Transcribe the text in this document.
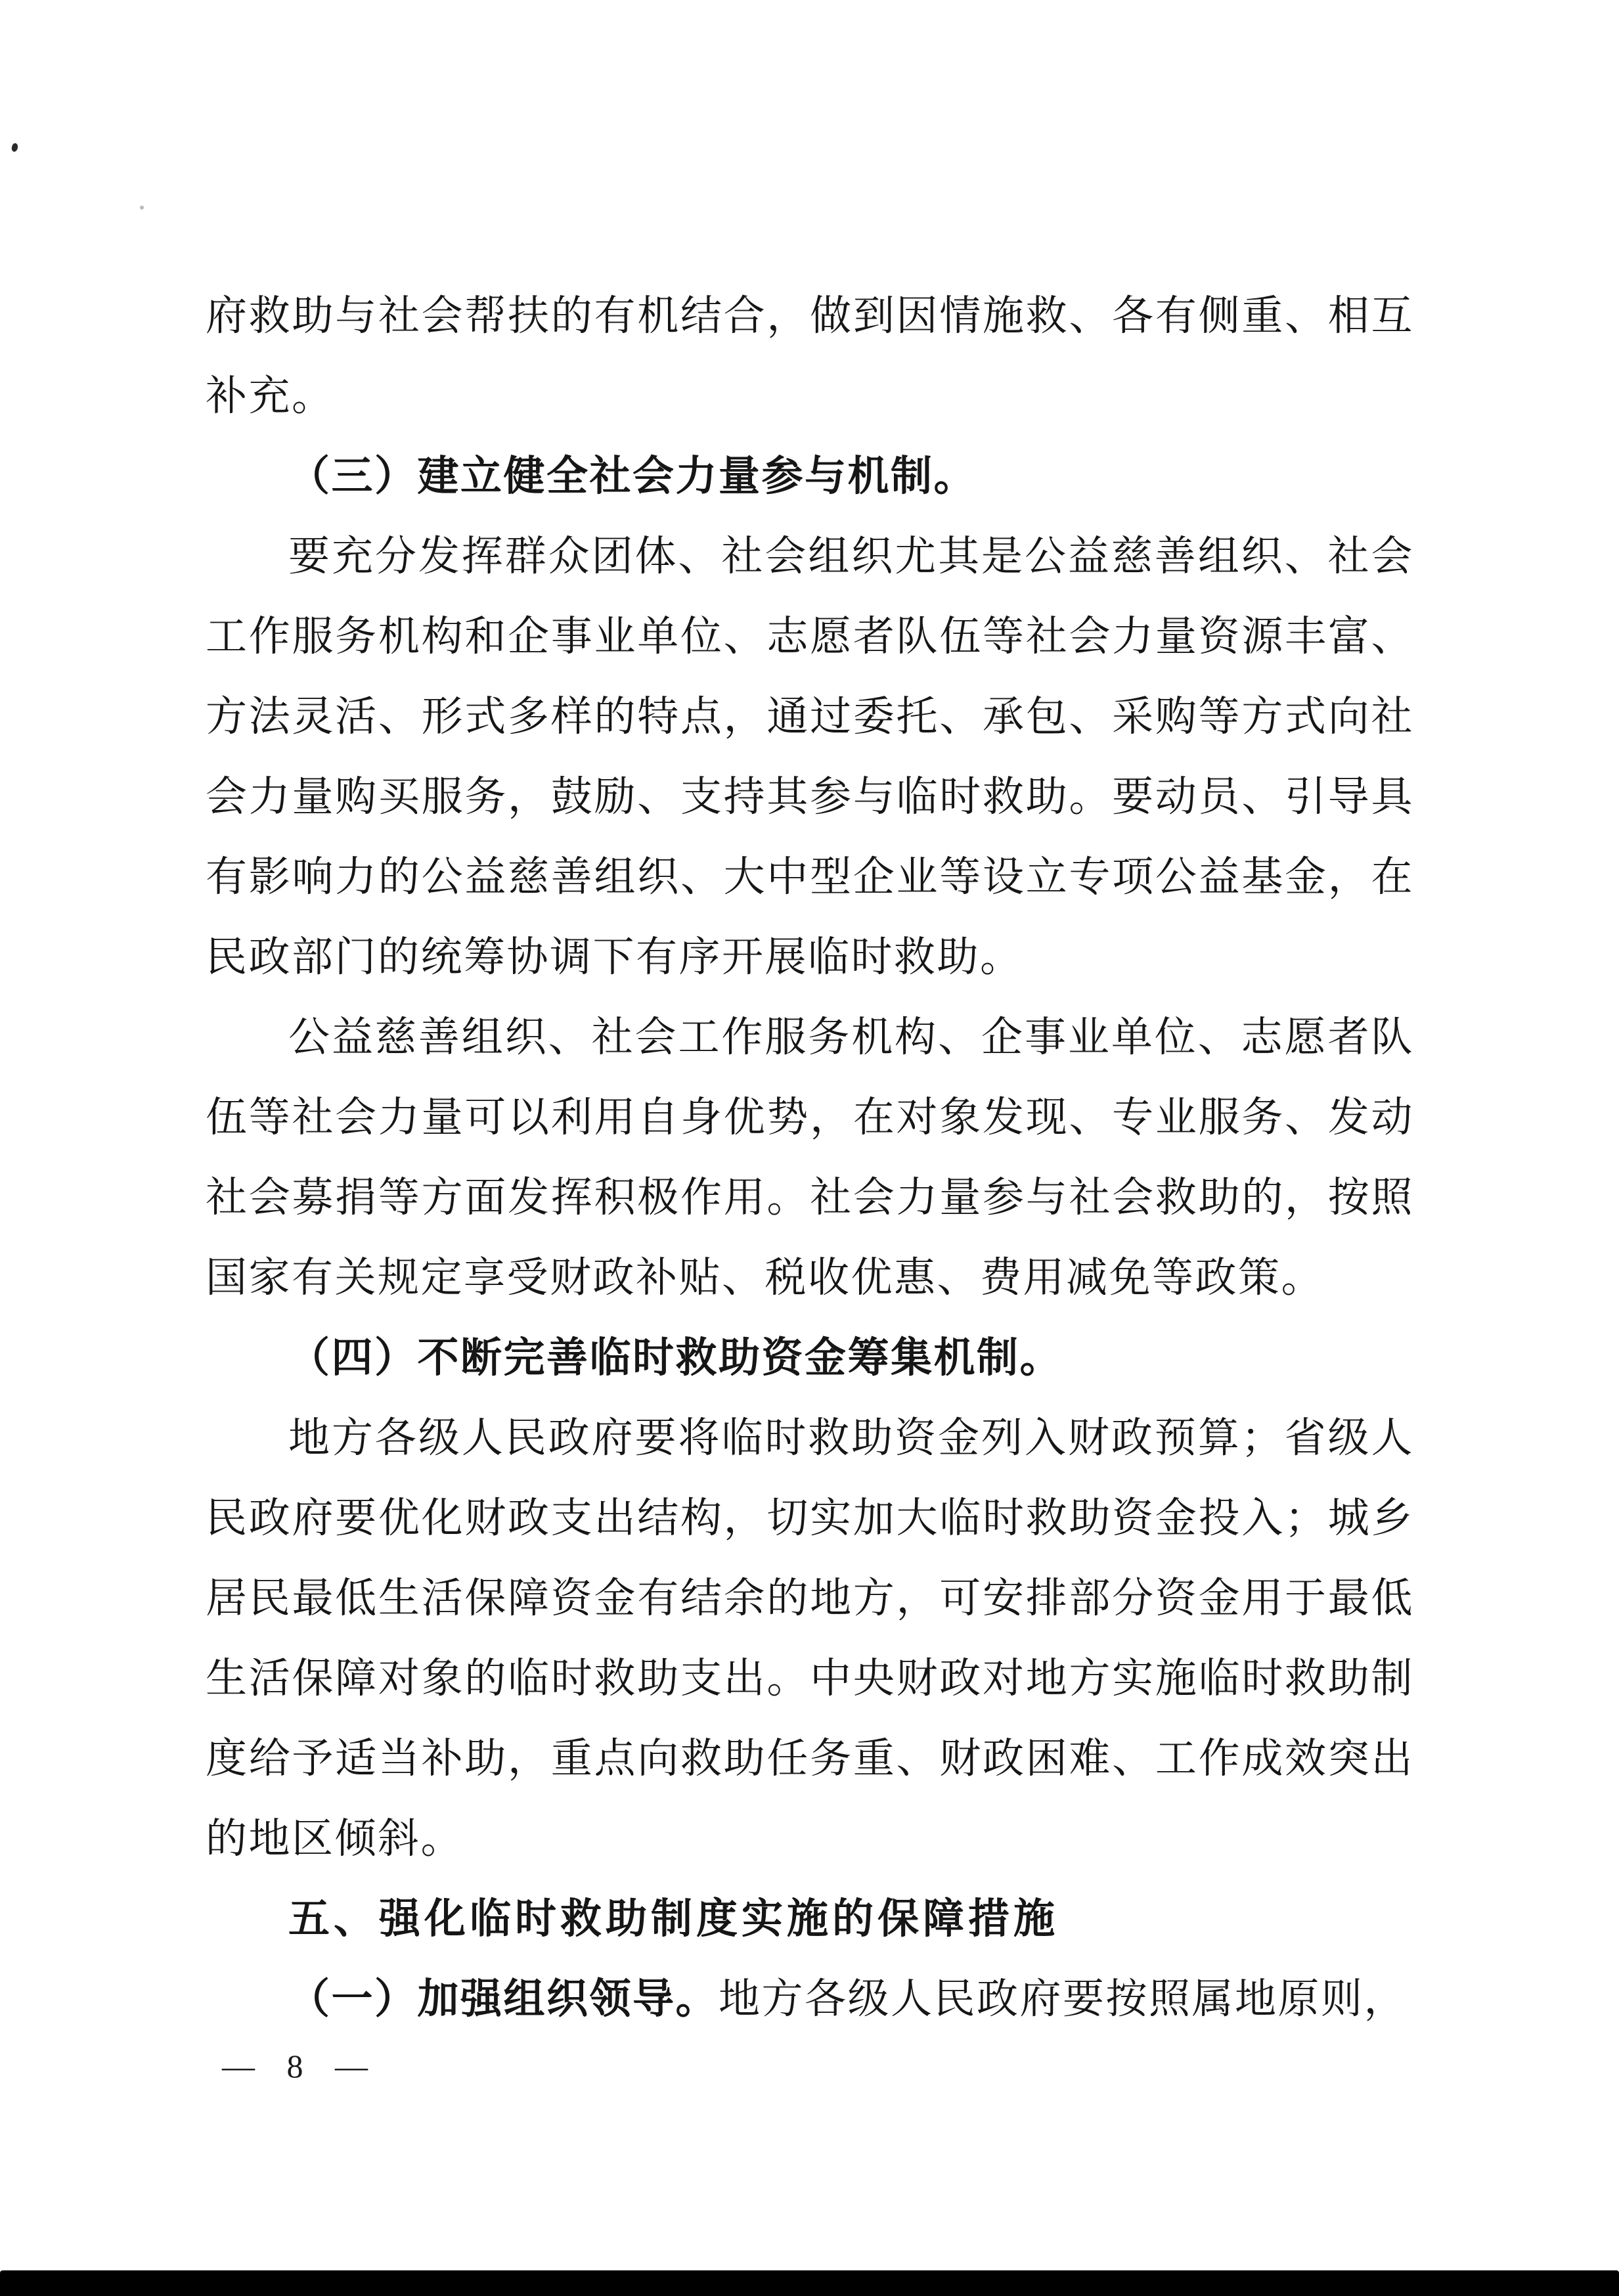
府救助与社会帮扶的有机结合，做到因情施救、各有侧重、相互补充。

（三）建立健全社会力量参与机制。

要充分发挥群众团体、社会组织尤其是公益慈善组织、社会工作服务机构和企事业单位、志愿者队伍等社会力量资源丰富、方法灵活、形式多样的特点，通过委托、承包、采购等方式向社会力量购买服务，鼓励、支持其参与临时救助。要动员、引导具有影响力的公益慈善组织、大中型企业等设立专项公益基金，在民政部门的统筹协调下有序开展临时救助。

公益慈善组织、社会工作服务机构、企事业单位、志愿者队伍等社会力量可以利用自身优势，在对象发现、专业服务、发动社会募捐等方面发挥积极作用。社会力量参与社会救助的，按照国家有关规定享受财政补贴、税收优惠、费用减免等政策。

（四）不断完善临时救助资金筹集机制。

地方各级人民政府要将临时救助资金列入财政预算；省级人民政府要优化财政支出结构，切实加大临时救助资金投入；城乡居民最低生活保障资金有结余的地方，可安排部分资金用于最低生活保障对象的临时救助支出。中央财政对地方实施临时救助制度给予适当补助，重点向救助任务重、财政困难、工作成效突出的地区倾斜。

五、强化临时救助制度实施的保障措施

（一）加强组织领导。地方各级人民政府要按照属地原则，

— 8 —
